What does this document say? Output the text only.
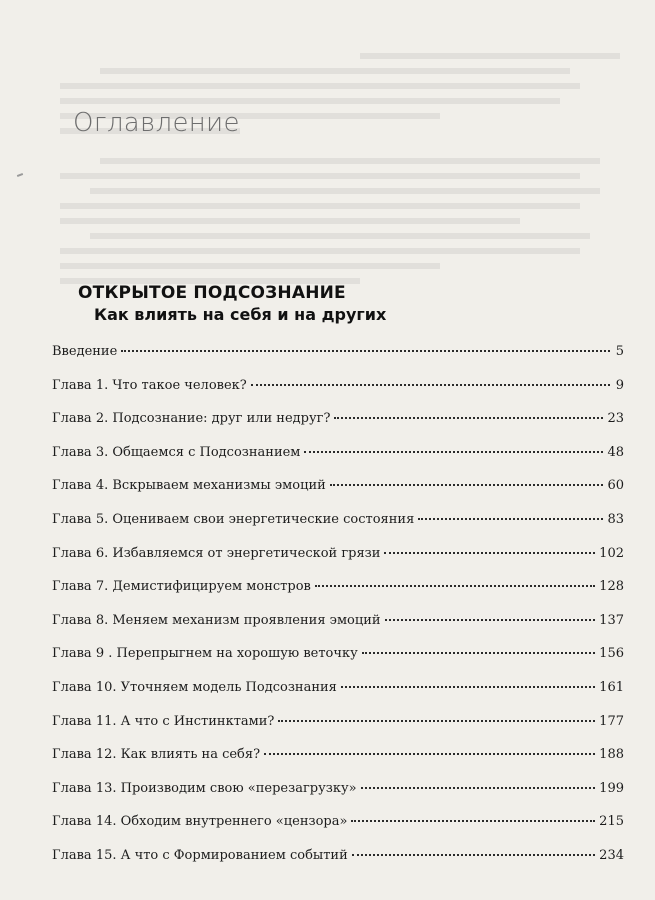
Оглавление
ОТКРЫТОЕ ПОДСОЗНАНИЕ
Как влиять на себя и на других
Введение	5
Глава 1. Что такое человек?	9
Глава 2. Подсознание: друг или недруг?	23
Глава 3. Общаемся с Подсознанием	48
Глава 4. Вскрываем механизмы эмоций	60
Глава 5. Оцениваем свои энергетические состояния	83
Глава 6. Избавляемся от энергетической грязи	102
Глава 7. Демистифицируем монстров	128
Глава 8. Меняем механизм проявления эмоций	137
Глава 9 . Перепрыгнем на хорошую веточку	156
Глава 10. Уточняем модель Подсознания	161
Глава 11. А что с Инстинктами?	177
Глава 12. Как влиять на себя?	188
Глава 13. Производим свою «перезагрузку»	199
Глава 14. Обходим внутреннего «цензора»	215
Глава 15. А что с Формированием событий	234
